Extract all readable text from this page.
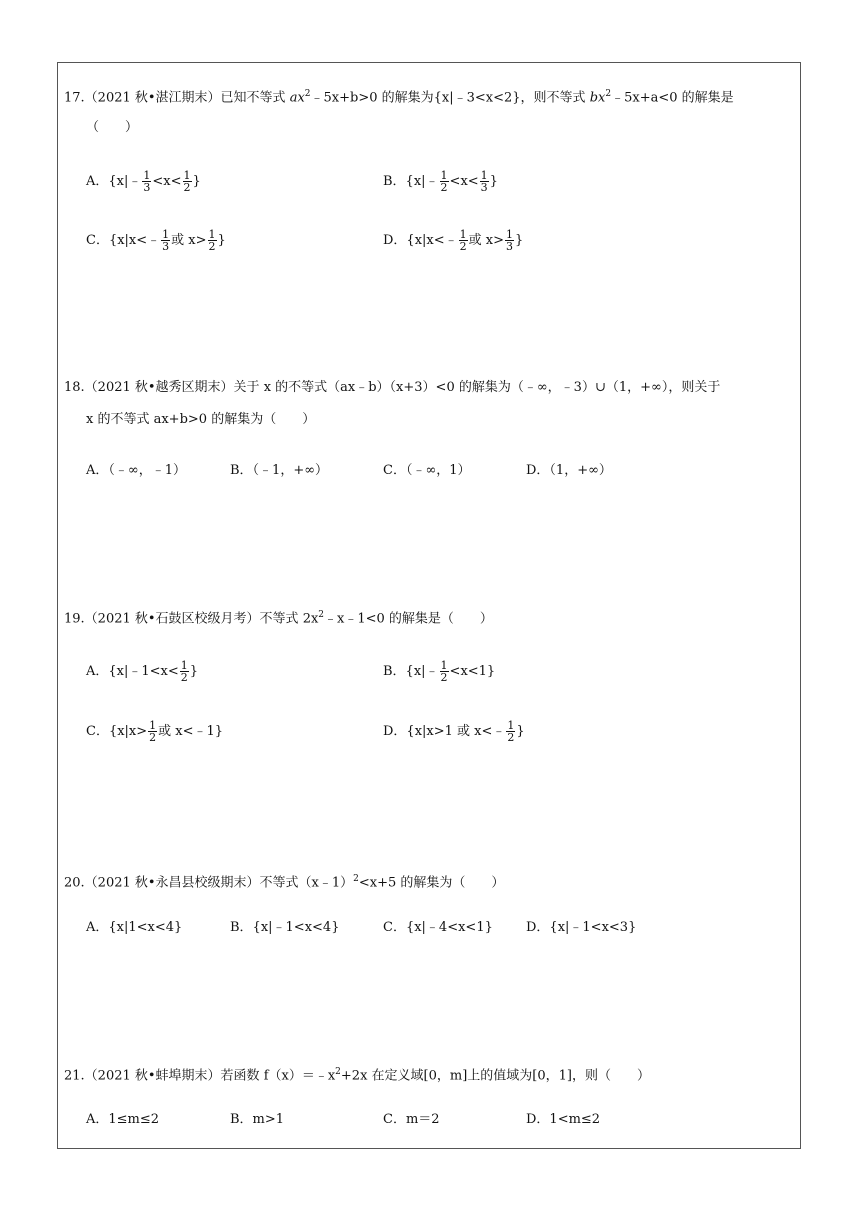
17.（2021 秋•湛江期末）已知不等式 $ax^2﹣5x+b>0$ 的解集为{x|﹣3<x<2}，则不等式 $bx^2﹣5x+a<0$ 的解集是
（　　）
A．{x|﹣ $\frac{1}{3} <x< \frac{1}{2}$ }	B．{x|﹣ $\frac{1}{2} <x< \frac{1}{3}$ }
C．{x|x<﹣ $\frac{1}{3}$ 或 $x> \frac{1}{2}$ }	D．{x|x<﹣ $\frac{1}{2}$ 或 $x> \frac{1}{3}$ }
18.（2021 秋•越秀区期末）关于 x 的不等式（ax﹣b）（x+3）<0 的解集为（﹣∞，﹣3）∪（1，+∞），则关于
x 的不等式 ax+b>0 的解集为（　　）
A．（﹣∞，﹣1）	B．（﹣1，+∞）	C．（﹣∞，1）	D．（1，+∞）
19.（2021 秋•石鼓区校级月考）不等式 $2x^2﹣x﹣1<0$ 的解集是（　　）
A．{x|﹣1<x< $\frac{1}{2}$ }	B．{x|﹣ $\frac{1}{2} <x<1$}
C．{$x|x> \frac{1}{2}$ 或 x<﹣1}	D．{x|x>1 或 x<﹣ $\frac{1}{2}$ }
20.（2021 秋•永昌县校级期末）不等式（x﹣1）$^2$<x+5 的解集为（　　）
A．{x|1<x<4}	B．{x|﹣1<x<4}	C．{x|﹣4<x<1}	D．{x|﹣1<x<3}
21.（2021 秋•蚌埠期末）若函数 $f(x)=﹣x^2+2x$ 在定义域[0，m]上的值域为[0，1]，则（　　）
A．1≤m≤2	B．m>1	C．m＝2	D．1<m≤2
